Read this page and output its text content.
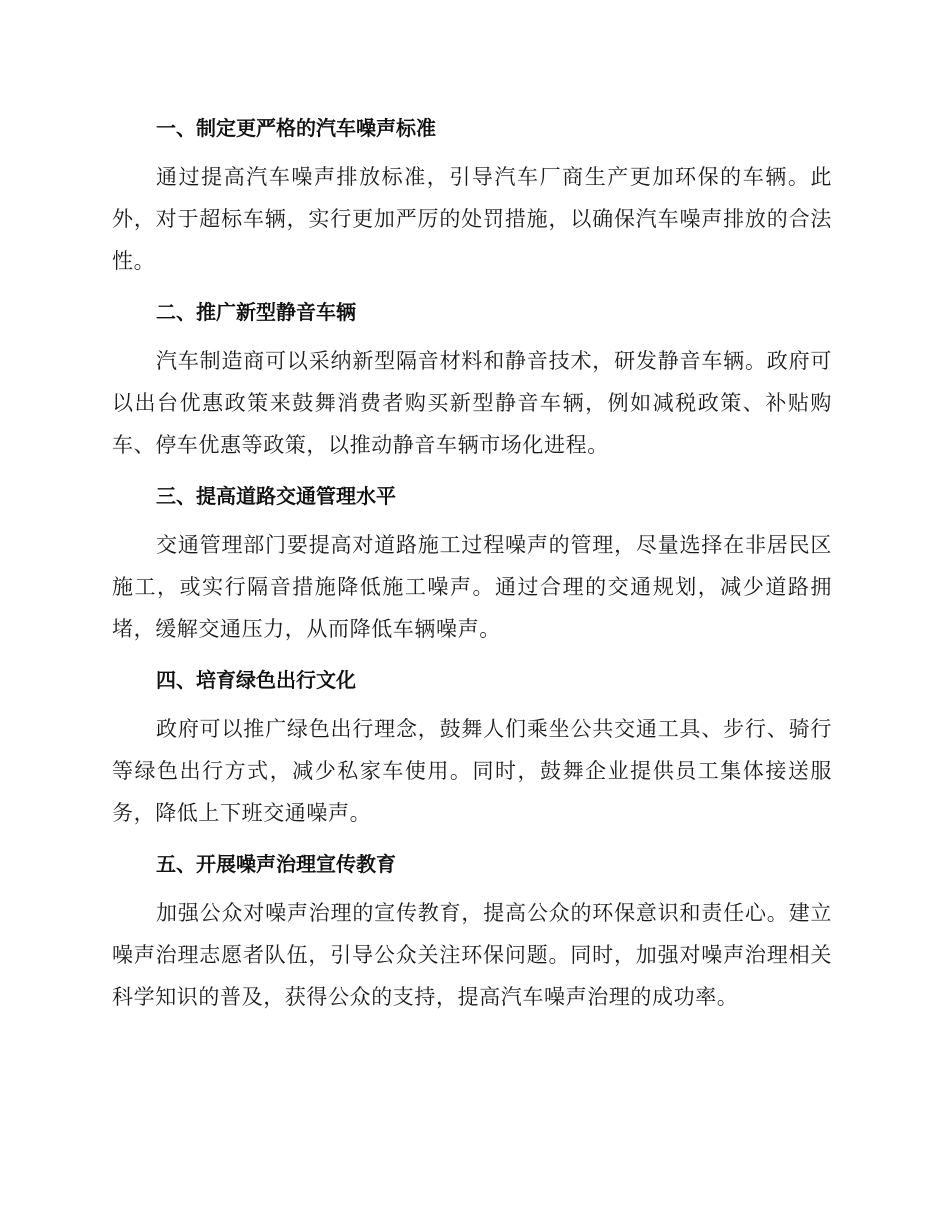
一、制定更严格的汽车噪声标准
通过提高汽车噪声排放标准，引导汽车厂商生产更加环保的车辆。此外，对于超标车辆，实行更加严厉的处罚措施，以确保汽车噪声排放的合法性。
二、推广新型静音车辆
汽车制造商可以采纳新型隔音材料和静音技术，研发静音车辆。政府可以出台优惠政策来鼓舞消费者购买新型静音车辆，例如减税政策、补贴购车、停车优惠等政策，以推动静音车辆市场化进程。
三、提高道路交通管理水平
交通管理部门要提高对道路施工过程噪声的管理，尽量选择在非居民区施工，或实行隔音措施降低施工噪声。通过合理的交通规划，减少道路拥堵，缓解交通压力，从而降低车辆噪声。
四、培育绿色出行文化
政府可以推广绿色出行理念，鼓舞人们乘坐公共交通工具、步行、骑行等绿色出行方式，减少私家车使用。同时，鼓舞企业提供员工集体接送服务，降低上下班交通噪声。
五、开展噪声治理宣传教育
加强公众对噪声治理的宣传教育，提高公众的环保意识和责任心。建立噪声治理志愿者队伍，引导公众关注环保问题。同时，加强对噪声治理相关科学知识的普及，获得公众的支持，提高汽车噪声治理的成功率。
